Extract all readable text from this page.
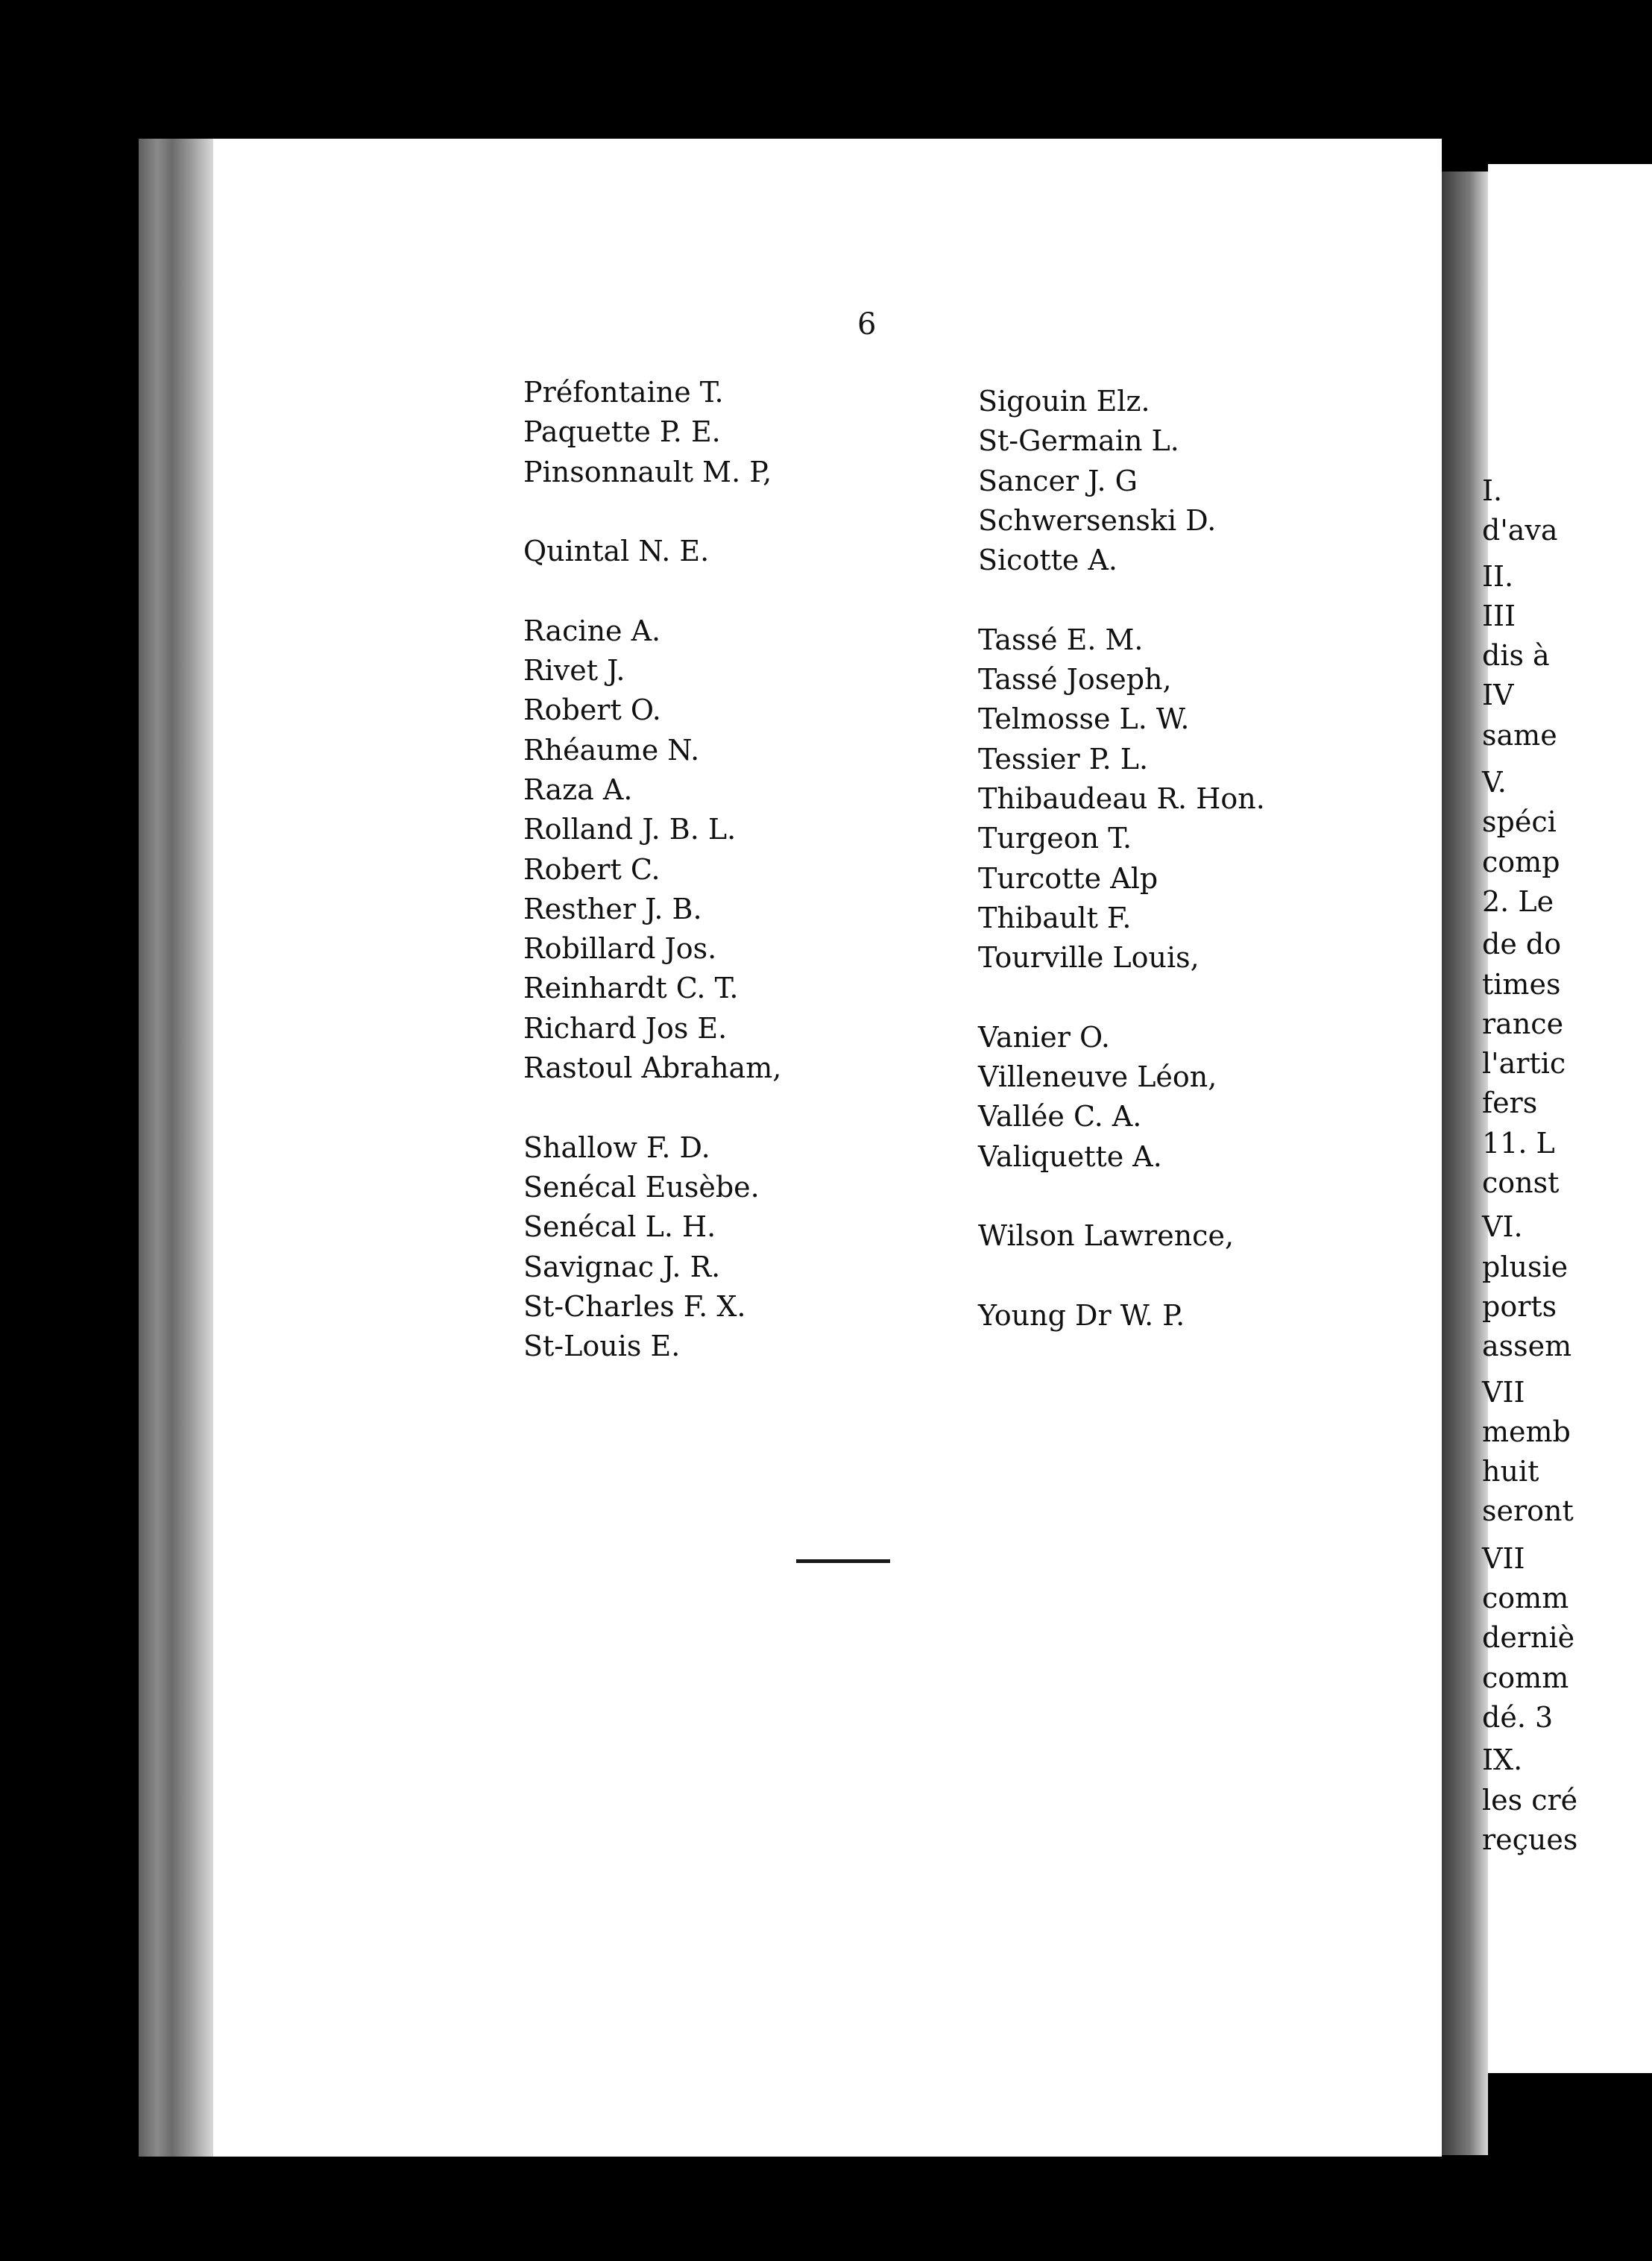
I.
d'ava
II.
III
dis à
IV
same
V.
spéci
comp
2. Le
de do
times
rance
l'artic
fers
11. L
const
VI.
plusie
ports
assem
VII
memb
huit
seront
VII
comm
derniè
comm
dé. 3
IX.
les cré
reçues
6
Préfontaine T.
Paquette P. E.
Pinsonnault M. P,
Quintal N. E.
Racine A.
Rivet J.
Robert O.
Rhéaume N.
Raza A.
Rolland J. B. L.
Robert C.
Resther J. B.
Robillard Jos.
Reinhardt C. T.
Richard Jos E.
Rastoul Abraham,
Shallow F. D.
Senécal Eusèbe.
Senécal L. H.
Savignac J. R.
St-Charles F. X.
St-Louis E.
Sigouin Elz.
St-Germain L.
Sancer J. G
Schwersenski D.
Sicotte A.
Tassé E. M.
Tassé Joseph,
Telmosse L. W.
Tessier P. L.
Thibaudeau R. Hon.
Turgeon T.
Turcotte Alp
Thibault F.
Tourville Louis,
Vanier O.
Villeneuve Léon,
Vallée C. A.
Valiquette A.
Wilson Lawrence,
Young Dr W. P.
